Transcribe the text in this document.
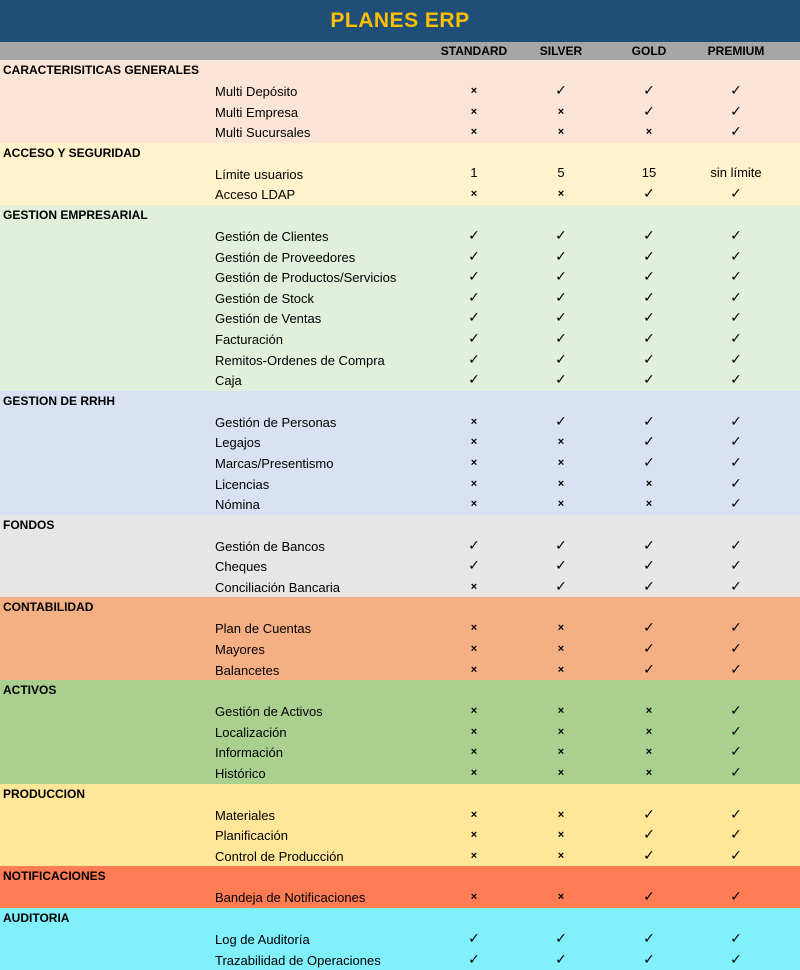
PLANES ERP
STANDARD	SILVER	GOLD	PREMIUM
CARACTERISITICAS GENERALES
Multi Depósito	×	✓	✓	✓
Multi Empresa	×	×	✓	✓
Multi Sucursales	×	×	×	✓
ACCESO Y SEGURIDAD
Límite usuarios	1	5	15	sin límite
Acceso LDAP	×	×	✓	✓
GESTION EMPRESARIAL
Gestión de Clientes	✓	✓	✓	✓
Gestión de Proveedores	✓	✓	✓	✓
Gestión de Productos/Servicios	✓	✓	✓	✓
Gestión de Stock	✓	✓	✓	✓
Gestión de Ventas	✓	✓	✓	✓
Facturación	✓	✓	✓	✓
Remitos-Ordenes de Compra	✓	✓	✓	✓
Caja	✓	✓	✓	✓
GESTION DE RRHH
Gestión de Personas	×	✓	✓	✓
Legajos	×	×	✓	✓
Marcas/Presentismo	×	×	✓	✓
Licencias	×	×	×	✓
Nómina	×	×	×	✓
FONDOS
Gestión de Bancos	✓	✓	✓	✓
Cheques	✓	✓	✓	✓
Conciliación Bancaria	×	✓	✓	✓
CONTABILIDAD
Plan de Cuentas	×	×	✓	✓
Mayores	×	×	✓	✓
Balancetes	×	×	✓	✓
ACTIVOS
Gestión de Activos	×	×	×	✓
Localización	×	×	×	✓
Información	×	×	×	✓
Histórico	×	×	×	✓
PRODUCCION
Materiales	×	×	✓	✓
Planificación	×	×	✓	✓
Control de Producción	×	×	✓	✓
NOTIFICACIONES
Bandeja de Notificaciones	×	×	✓	✓
AUDITORIA
Log de Auditoría	✓	✓	✓	✓
Trazabilidad de Operaciones	✓	✓	✓	✓
